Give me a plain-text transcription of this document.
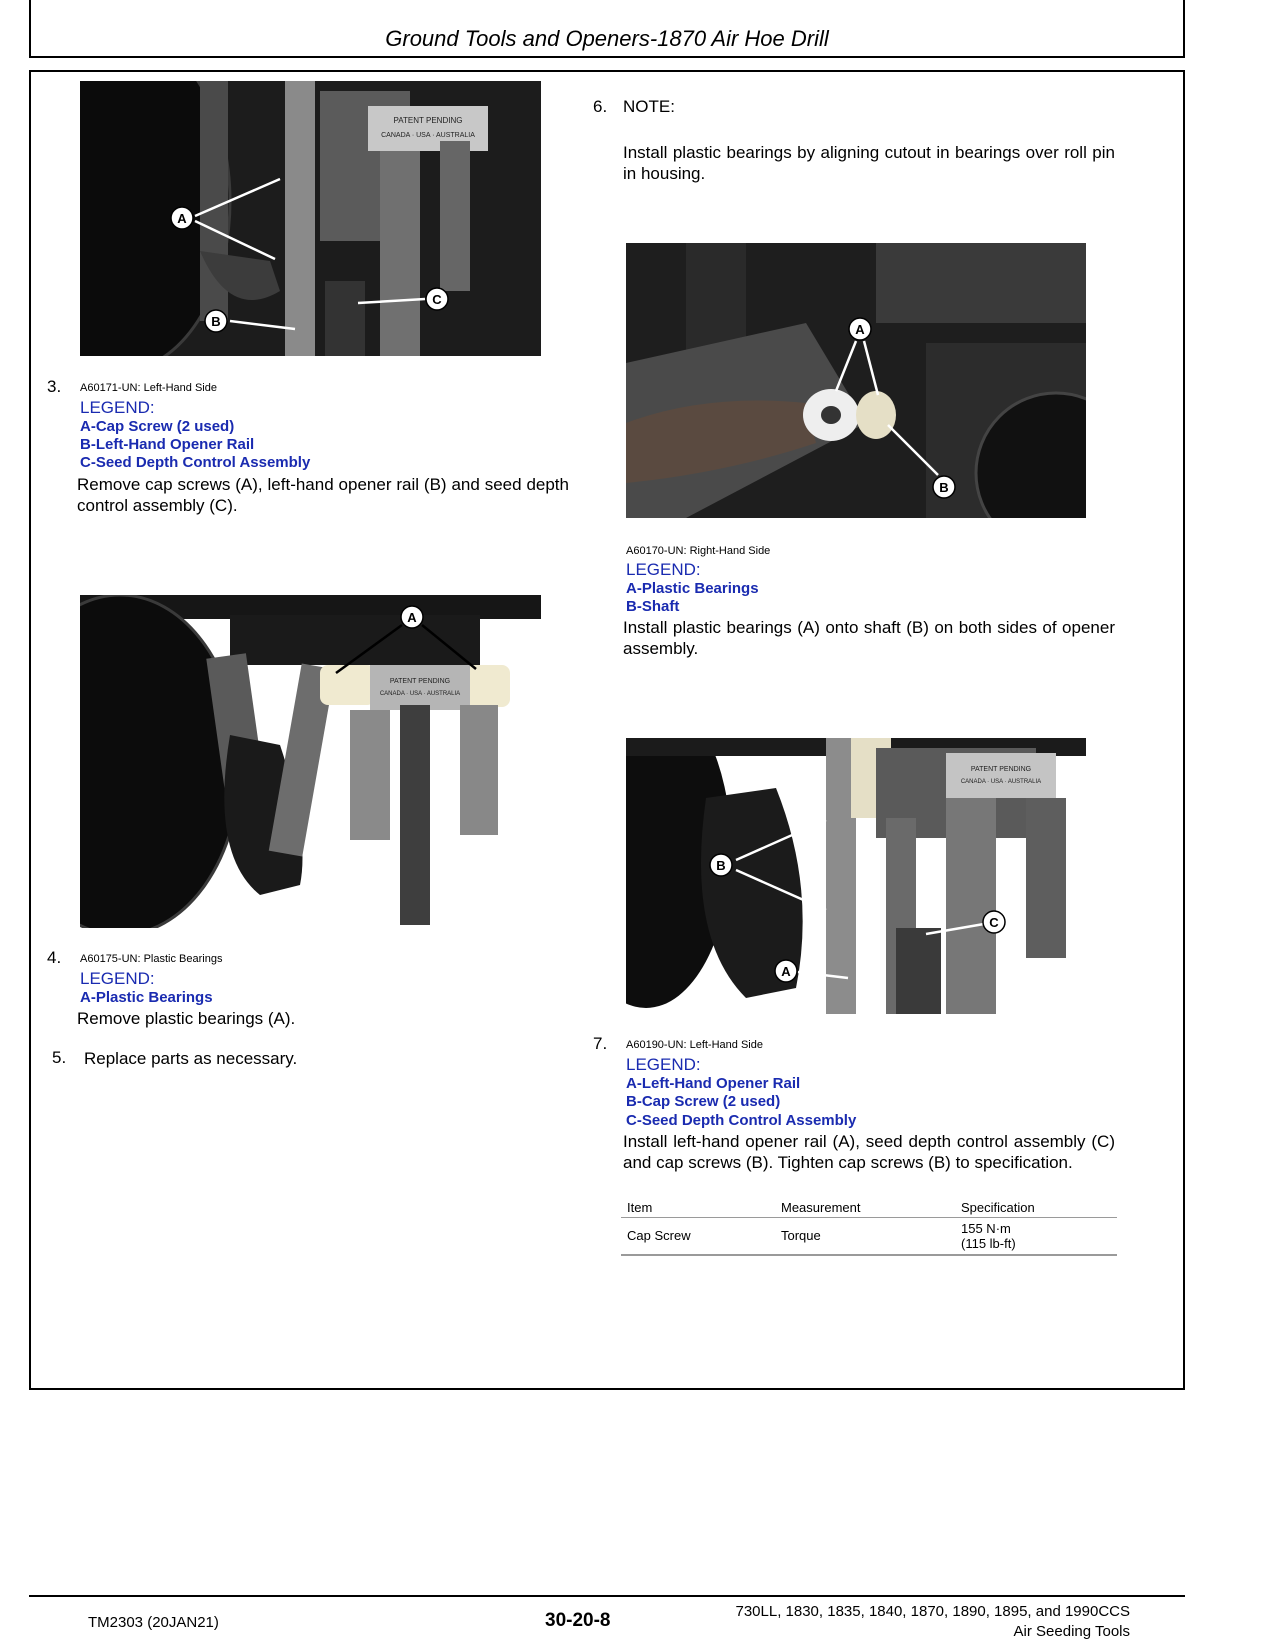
Ground Tools and Openers-1870 Air Hoe Drill
PATENT PENDING
CANADA · USA · AUSTRALIA
A
B
C
3. A60171-UN: Left-Hand Side
LEGEND:
A-Cap Screw (2 used)
B-Left-Hand Opener Rail
C-Seed Depth Control Assembly
Remove cap screws (A), left-hand opener rail (B) and seed depth control assembly (C).
PATENT PENDING
CANADA · USA · AUSTRALIA
A
4. A60175-UN: Plastic Bearings
LEGEND:
A-Plastic Bearings
Remove plastic bearings (A).
5. Replace parts as necessary.
6. NOTE:
Install plastic bearings by aligning cutout in bearings over roll pin in housing.
A
B
A60170-UN: Right-Hand Side
LEGEND:
A-Plastic Bearings
B-Shaft
Install plastic bearings (A) onto shaft (B) on both sides of opener assembly.
PATENT PENDING
CANADA · USA · AUSTRALIA
B
A
C
7. A60190-UN: Left-Hand Side
LEGEND:
A-Left-Hand Opener Rail
B-Cap Screw (2 used)
C-Seed Depth Control Assembly
Install left-hand opener rail (A), seed depth control assembly (C) and cap screws (B). Tighten cap screws (B) to specification.
Item	Measurement	Specification
Cap Screw	Torque	155 N·m
(115 lb-ft)
TM2303 (20JAN21)	30-20-8	730LL, 1830, 1835, 1840, 1870, 1890, 1895, and 1990CCS
Air Seeding Tools
